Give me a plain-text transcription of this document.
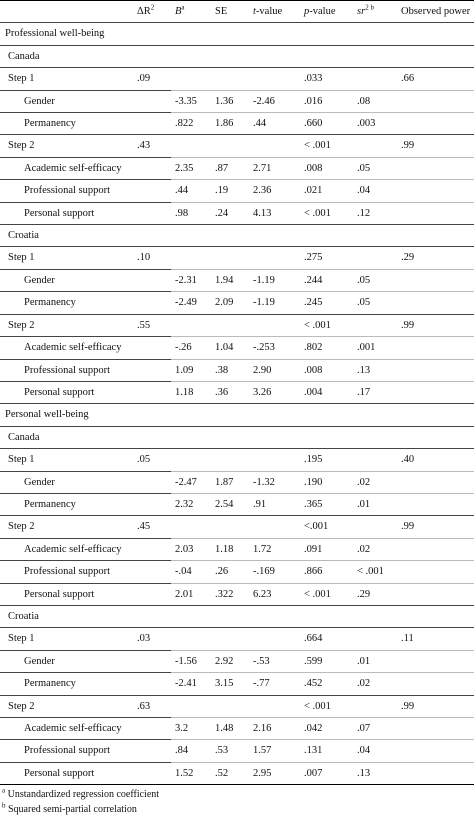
	$\Delta R^2$	$B^a$	SE	t-value	p-value	$sr^{2 b}$	Observed power
Professional well-being							
Canada							
Step 1	.09				.033		.66
Gender		-3.35	1.36	-2.46	.016	.08	
Permanency		.822	1.86	.44	.660	.003	
Step 2	.43				< .001		.99
Academic self-efficacy		2.35	.87	2.71	.008	.05	
Professional support		.44	.19	2.36	.021	.04	
Personal support		.98	.24	4.13	< .001	.12	
Croatia							
Step 1	.10				.275		.29
Gender		-2.31	1.94	-1.19	.244	.05	
Permanency		-2.49	2.09	-1.19	.245	.05	
Step 2	.55				< .001		.99
Academic self-efficacy		-.26	1.04	-.253	.802	.001	
Professional support		1.09	.38	2.90	.008	.13	
Personal support		1.18	.36	3.26	.004	.17	
Personal well-being							
Canada							
Step 1	.05				.195		.40
Gender		-2.47	1.87	-1.32	.190	.02	
Permanency		2.32	2.54	.91	.365	.01	
Step 2	.45				<.001		.99
Academic self-efficacy		2.03	1.18	1.72	.091	.02	
Professional support		-.04	.26	-.169	.866	< .001	
Personal support		2.01	.322	6.23	< .001	.29	
Croatia							
Step 1	.03				.664		.11
Gender		-1.56	2.92	-.53	.599	.01	
Permanency		-2.41	3.15	-.77	.452	.02	
Step 2	.63				< .001		.99
Academic self-efficacy		3.2	1.48	2.16	.042	.07	
Professional support		.84	.53	1.57	.131	.04	
Personal support		1.52	.52	2.95	.007	.13	
$^a$ Unstandardized regression coefficient
$^b$ Squared semi-partial correlation
